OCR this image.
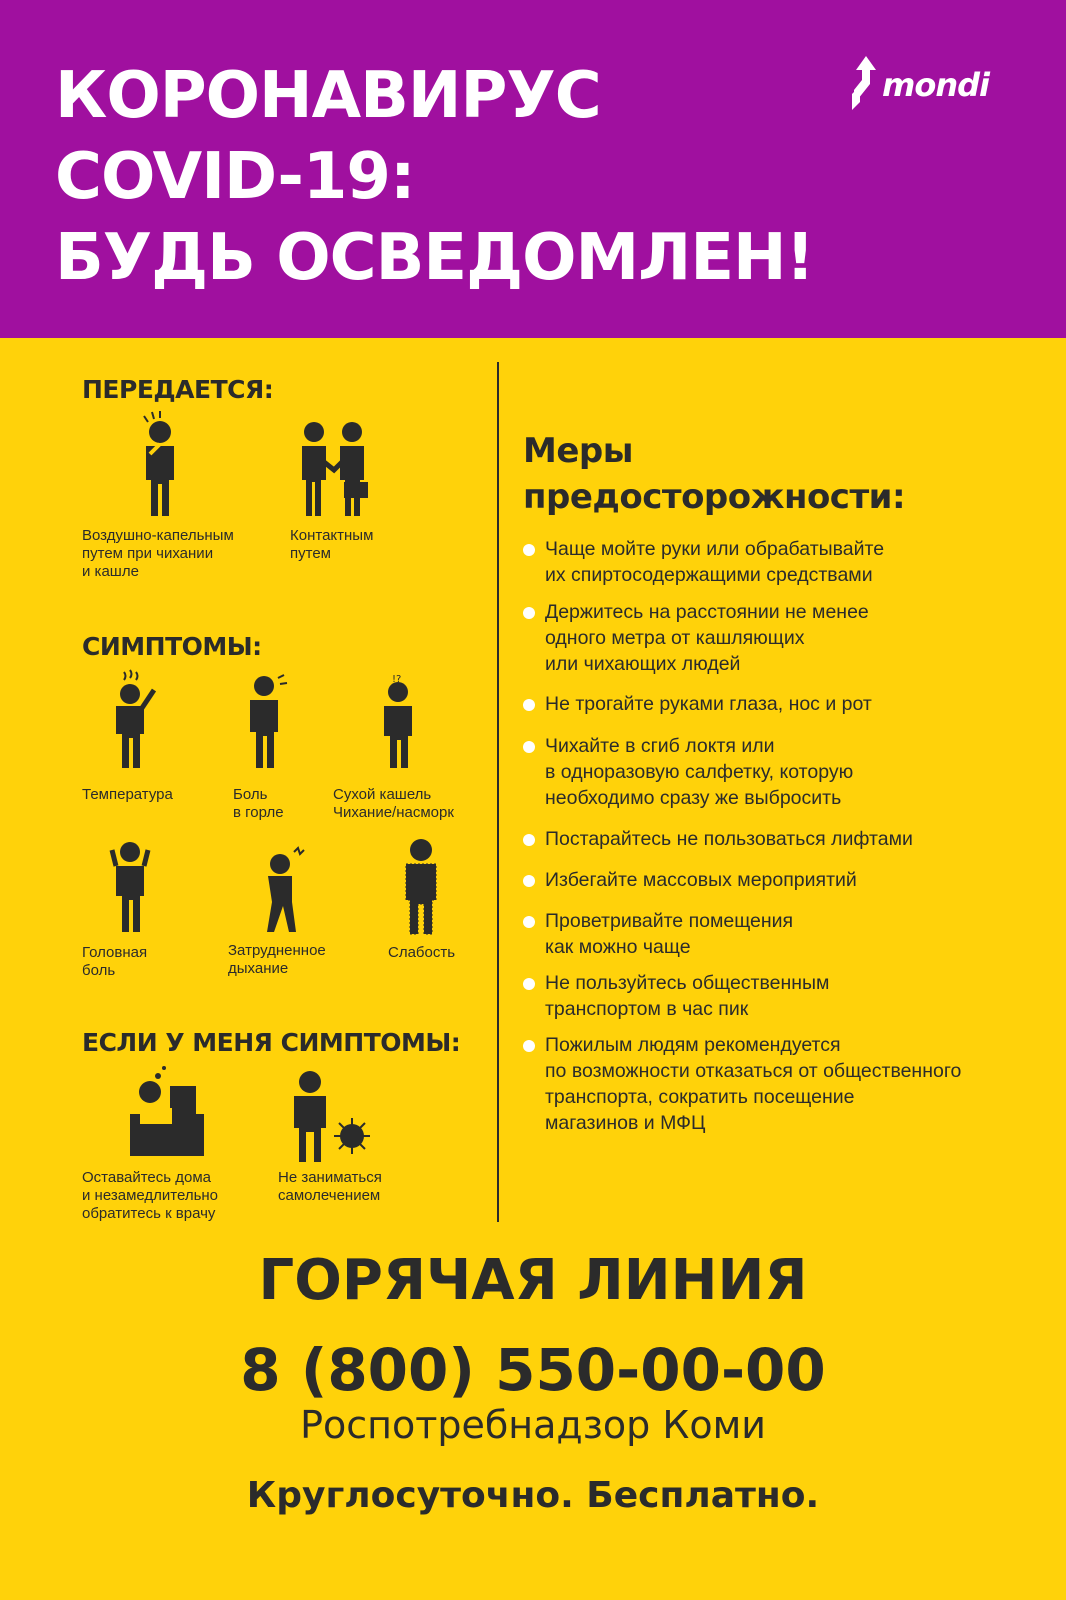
КОРОНАВИРУС
COVID-19:
БУДЬ ОСВЕДОМЛЕН!
mondi
ПЕРЕДАЕТСЯ:
Воздушно-капельным
путем при чихании
и кашле
Контактным
путем
СИМПТОМЫ:
!?
Температура	Боль
в горле
Сухой кашель
Чихание/насморк
Головная
боль
Затрудненное
дыхание
Слабость
ЕСЛИ У МЕНЯ СИМПТОМЫ:
Оставайтесь дома
и незамедлительно
обратитесь к врачу
Не заниматься
самолечением
Меры
предосторожности:
Чаще мойте руки или обрабатывайте
их спиртосодержащими средствами
Держитесь на расстоянии не менее
одного метра от кашляющих
или чихающих людей
Не трогайте руками глаза, нос и рот
Чихайте в сгиб локтя или
в одноразовую салфетку, которую
необходимо сразу же выбросить
Постарайтесь не пользоваться лифтами
Избегайте массовых мероприятий
Проветривайте помещения
как можно чаще
Не пользуйтесь общественным
транспортом в час пик
Пожилым людям рекомендуется
по возможности отказаться от общественного
транспорта, сократить посещение
магазинов и МФЦ
ГОРЯЧАЯ ЛИНИЯ
8 (800) 550-00-00
Роспотребнадзор Коми
Круглосуточно. Бесплатно.
